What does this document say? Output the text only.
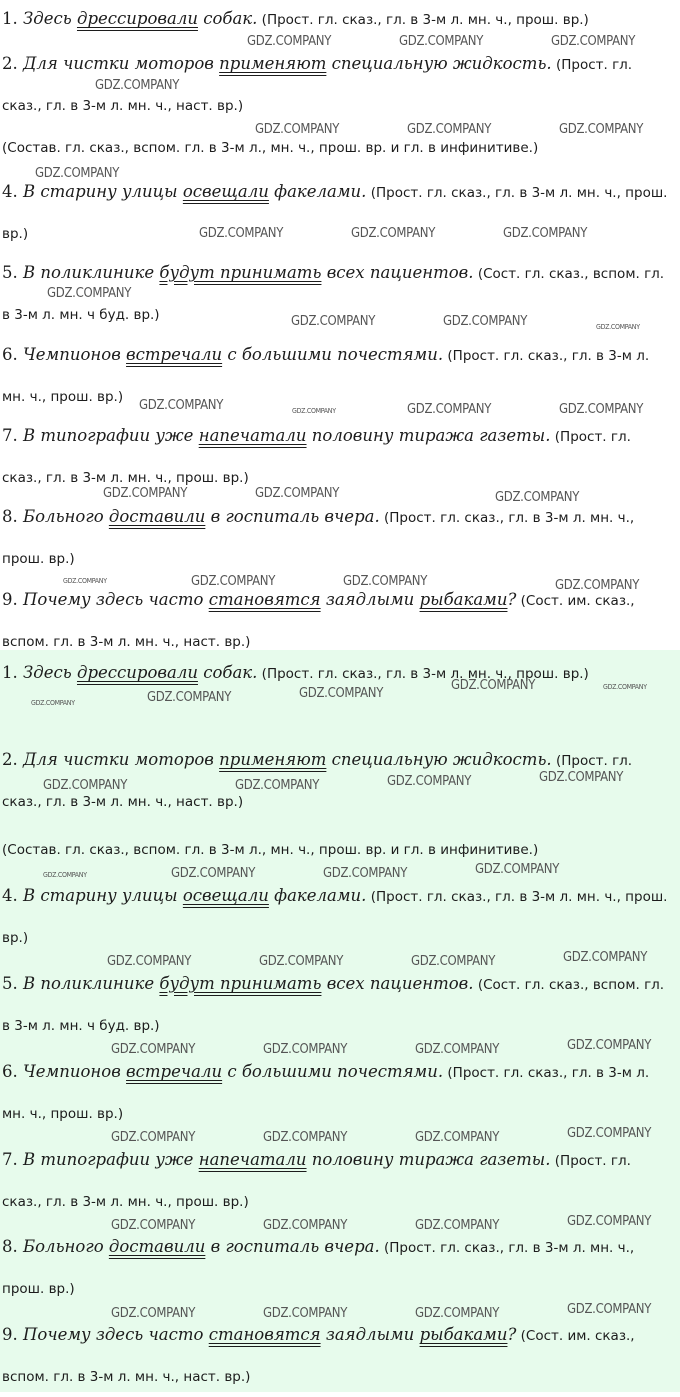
1. Здесь дрессировали собак. (Прост. гл. сказ., гл. в 3-м л. мн. ч., прош. вр.)

2. Для чистки моторов применяют специальную жидкость. (Прост. гл. сказ., гл. в 3-м л. мн. ч., наст. вр.)

(Состав. гл. сказ., вспом. гл. в 3-м л., мн. ч., прош. вр. и гл. в инфинитиве.)

4. В старину улицы освещали факелами. (Прост. гл. сказ., гл. в 3-м л. мн. ч., прош. вр.)

5. В поликлинике будут принимать всех пациентов. (Сост. гл. сказ., вспом. гл. в 3-м л. мн. ч буд. вр.)

6. Чемпионов встречали с большими почестями. (Прост. гл. сказ., гл. в 3-м л. мн. ч., прош. вр.)

7. В типографии уже напечатали половину тиража газеты. (Прост. гл. сказ., гл. в 3-м л. мн. ч., прош. вр.)

8. Больного доставили в госпиталь вчера. (Прост. гл. сказ., гл. в 3-м л. мн. ч., прош. вр.)

9. Почему здесь часто становятся заядлыми рыбаками? (Сост. им. сказ., вспом. гл. в 3-м л. мн. ч., наст. вр.)

1. Здесь дрессировали собак. (Прост. гл. сказ., гл. в 3-м л. мн. ч., прош. вр.)

2. Для чистки моторов применяют специальную жидкость. (Прост. гл. сказ., гл. в 3-м л. мн. ч., наст. вр.)

(Состав. гл. сказ., вспом. гл. в 3-м л., мн. ч., прош. вр. и гл. в инфинитиве.)

4. В старину улицы освещали факелами. (Прост. гл. сказ., гл. в 3-м л. мн. ч., прош. вр.)

5. В поликлинике будут принимать всех пациентов. (Сост. гл. сказ., вспом. гл. в 3-м л. мн. ч буд. вр.)

6. Чемпионов встречали с большими почестями. (Прост. гл. сказ., гл. в 3-м л. мн. ч., прош. вр.)

7. В типографии уже напечатали половину тиража газеты. (Прост. гл. сказ., гл. в 3-м л. мн. ч., прош. вр.)

8. Больного доставили в госпиталь вчера. (Прост. гл. сказ., гл. в 3-м л. мн. ч., прош. вр.)

9. Почему здесь часто становятся заядлыми рыбаками? (Сост. им. сказ., вспом. гл. в 3-м л. мн. ч., наст. вр.)

GDZ.COMPANY	GDZ.COMPANY	GDZ.COMPANY
GDZ.COMPANY
GDZ.COMPANY	GDZ.COMPANY	GDZ.COMPANY
GDZ.COMPANY
GDZ.COMPANY	GDZ.COMPANY	GDZ.COMPANY
GDZ.COMPANY
GDZ.COMPANY	GDZ.COMPANY	GDZ.COMPANY
GDZ.COMPANY	GDZ.COMPANY	GDZ.COMPANY	GDZ.COMPANY
GDZ.COMPANY	GDZ.COMPANY	GDZ.COMPANY
GDZ.COMPANY	GDZ.COMPANY	GDZ.COMPANY	GDZ.COMPANY
GDZ.COMPANY	GDZ.COMPANY	GDZ.COMPANY
GDZ.COMPANY	GDZ.COMPANY
GDZ.COMPANY	GDZ.COMPANY	GDZ.COMPANY	GDZ.COMPANY
GDZ.COMPANY	GDZ.COMPANY	GDZ.COMPANY	GDZ.COMPANY
GDZ.COMPANY	GDZ.COMPANY	GDZ.COMPANY	GDZ.COMPANY
GDZ.COMPANY	GDZ.COMPANY	GDZ.COMPANY	GDZ.COMPANY
GDZ.COMPANY	GDZ.COMPANY	GDZ.COMPANY	GDZ.COMPANY
GDZ.COMPANY	GDZ.COMPANY	GDZ.COMPANY	GDZ.COMPANY
GDZ.COMPANY	GDZ.COMPANY	GDZ.COMPANY	GDZ.COMPANY
